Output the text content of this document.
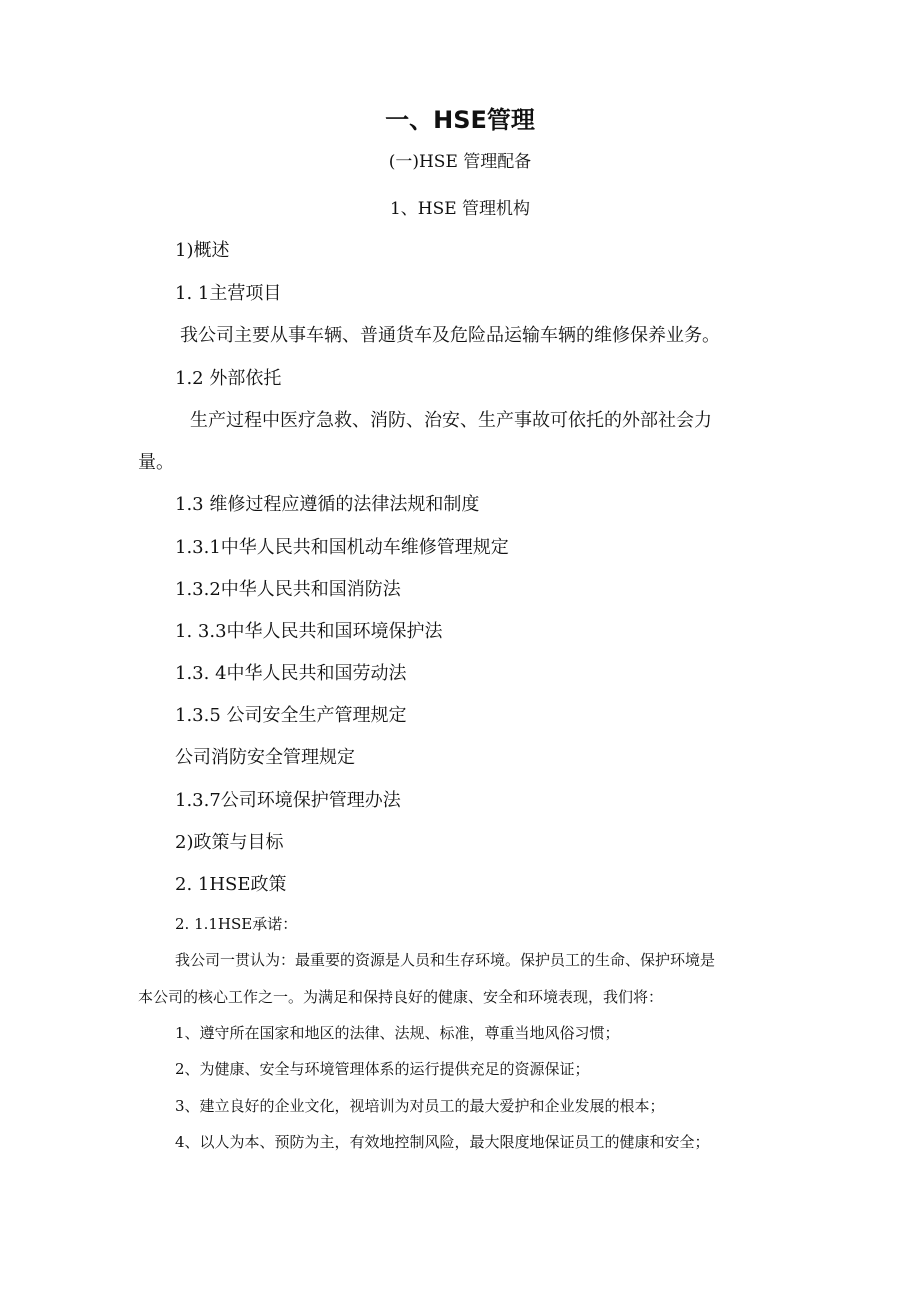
一、HSE管理

(一)HSE 管理配备

1、HSE 管理机构

1)概述

1. 1主营项目

我公司主要从事车辆、普通货车及危险品运输车辆的维修保养业务。

1.2 外部依托

生产过程中医疗急救、消防、治安、生产事故可依托的外部社会力

量。

1.3 维修过程应遵循的法律法规和制度

1.3.1中华人民共和国机动车维修管理规定

1.3.2中华人民共和国消防法

1. 3.3中华人民共和国环境保护法

1.3. 4中华人民共和国劳动法

1.3.5 公司安全生产管理规定

公司消防安全管理规定

1.3.7公司环境保护管理办法

2)政策与目标

2. 1HSE政策

2. 1.1HSE承诺：

我公司一贯认为：最重要的资源是人员和生存环境。保护员工的生命、保护环境是

本公司的核心工作之一。为满足和保持良好的健康、安全和环境表现，我们将：

1、遵守所在国家和地区的法律、法规、标准，尊重当地风俗习惯；

2、为健康、安全与环境管理体系的运行提供充足的资源保证；

3、建立良好的企业文化，视培训为对员工的最大爱护和企业发展的根本；

4、以人为本、预防为主，有效地控制风险，最大限度地保证员工的健康和安全；
